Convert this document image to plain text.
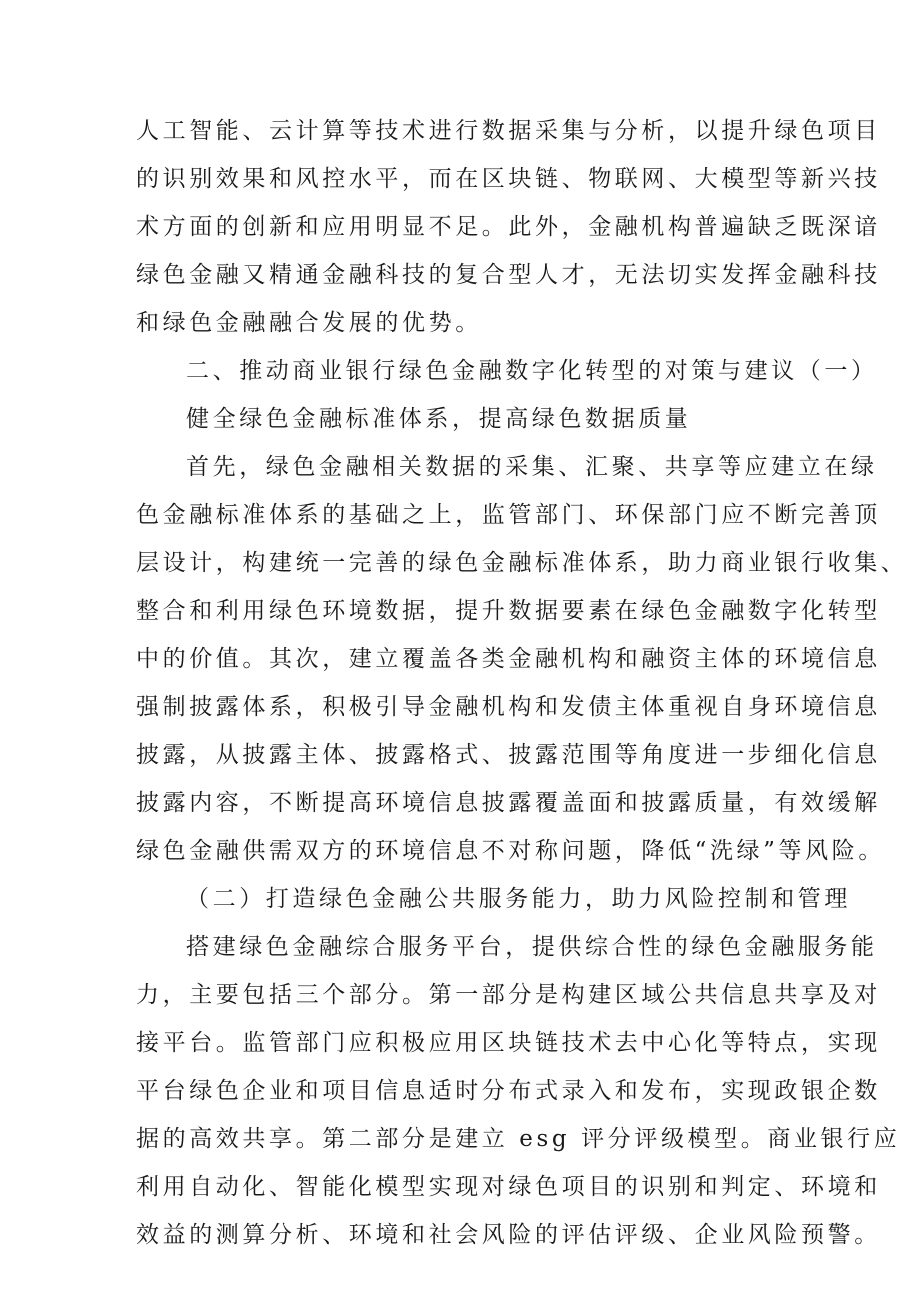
人工智能、云计算等技术进行数据采集与分析，以提升绿色项目
的识别效果和风控水平，而在区块链、物联网、大模型等新兴技
术方面的创新和应用明显不足。此外，金融机构普遍缺乏既深谙
绿色金融又精通金融科技的复合型人才，无法切实发挥金融科技
和绿色金融融合发展的优势。
二、推动商业银行绿色金融数字化转型的对策与建议（一）
健全绿色金融标准体系，提高绿色数据质量
首先，绿色金融相关数据的采集、汇聚、共享等应建立在绿
色金融标准体系的基础之上，监管部门、环保部门应不断完善顶
层设计，构建统一完善的绿色金融标准体系，助力商业银行收集、
整合和利用绿色环境数据，提升数据要素在绿色金融数字化转型
中的价值。其次，建立覆盖各类金融机构和融资主体的环境信息
强制披露体系，积极引导金融机构和发债主体重视自身环境信息
披露，从披露主体、披露格式、披露范围等角度进一步细化信息
披露内容，不断提高环境信息披露覆盖面和披露质量，有效缓解
绿色金融供需双方的环境信息不对称问题，降低“洗绿”等风险。
（二）打造绿色金融公共服务能力，助力风险控制和管理
搭建绿色金融综合服务平台，提供综合性的绿色金融服务能
力，主要包括三个部分。第一部分是构建区域公共信息共享及对
接平台。监管部门应积极应用区块链技术去中心化等特点，实现
平台绿色企业和项目信息适时分布式录入和发布，实现政银企数
据的高效共享。第二部分是建立 esg 评分评级模型。商业银行应
利用自动化、智能化模型实现对绿色项目的识别和判定、环境和
效益的测算分析、环境和社会风险的评估评级、企业风险预警。
